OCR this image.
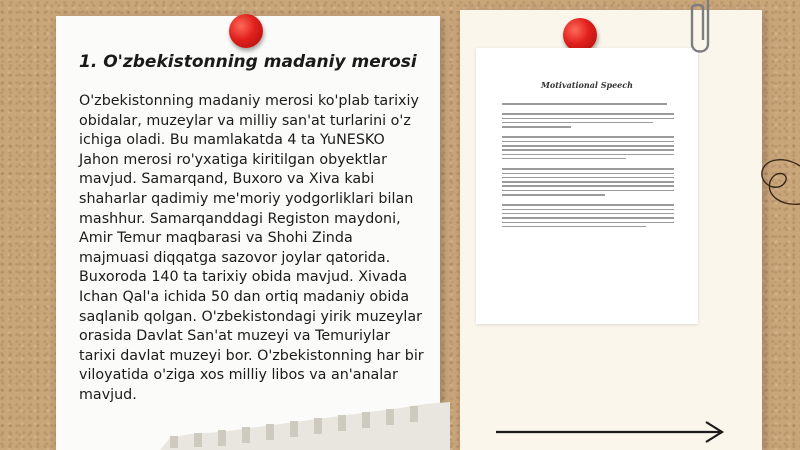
1. O'zbekistonning madaniy merosi
O'zbekistonning madaniy merosi ko'plab tarixiy obidalar, muzeylar va milliy san'at turlarini o'z ichiga oladi. Bu mamlakatda 4 ta YuNESKO Jahon merosi ro'yxatiga kiritilgan obyektlar mavjud. Samarqand, Buxoro va Xiva kabi shaharlar qadimiy me'moriy yodgorliklari bilan mashhur. Samarqanddagi Registon maydoni, Amir Temur maqbarasi va Shohi Zinda majmuasi diqqatga sazovor joylar qatorida. Buxoroda 140 ta tarixiy obida mavjud. Xivada Ichan Qal'a ichida 50 dan ortiq madaniy obida saqlanib qolgan. O'zbekistondagi yirik muzeylar orasida Davlat San'at muzeyi va Temuriylar tarixi davlat muzeyi bor. O'zbekistonning har bir viloyatida o'ziga xos milliy libos va an'analar mavjud.
Motivational Speech
